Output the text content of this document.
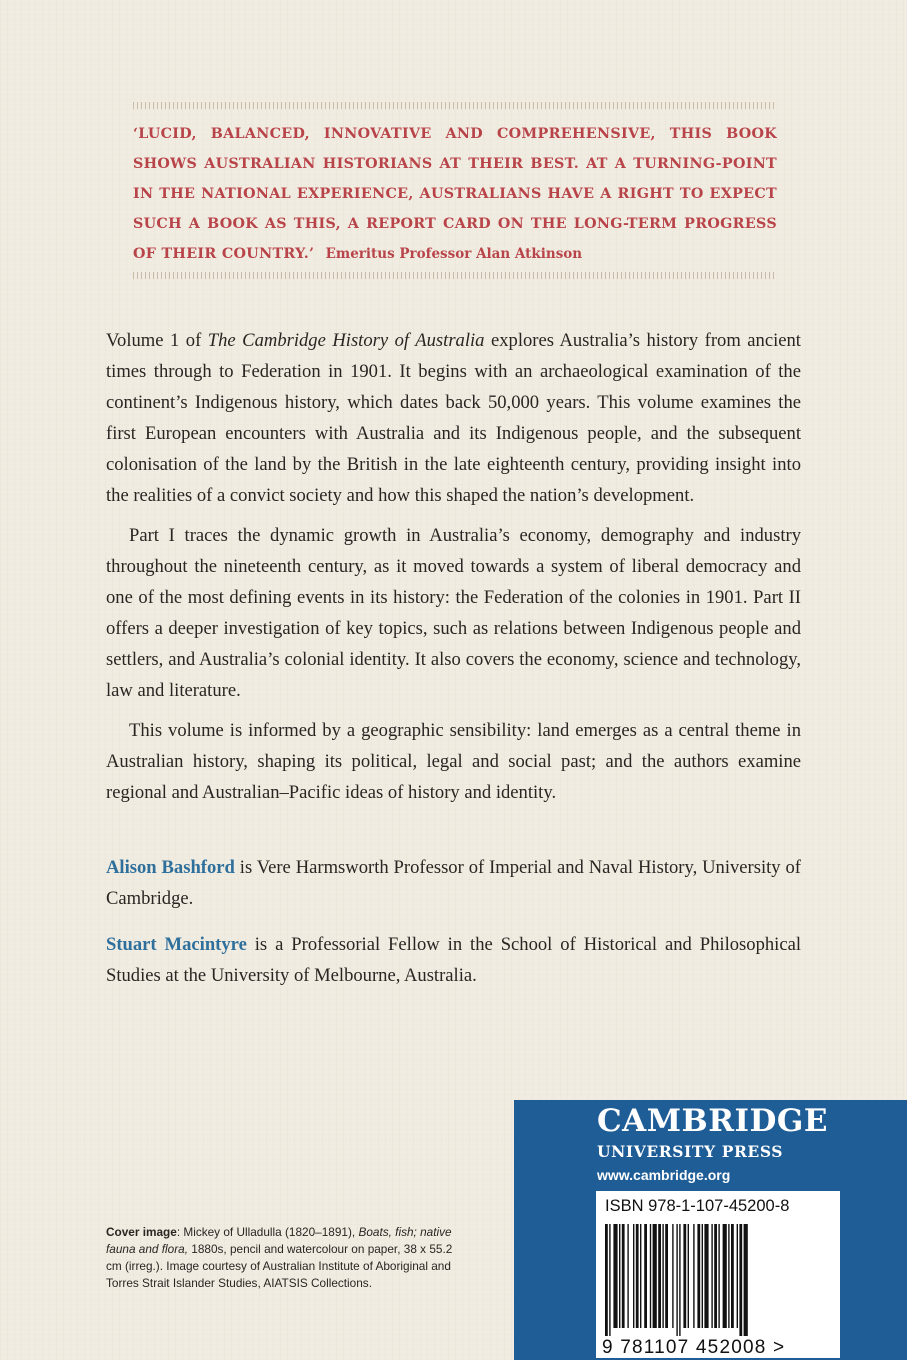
‘LUCID, BALANCED, INNOVATIVE AND COMPREHENSIVE, THIS BOOK SHOWS AUSTRALIAN HISTORIANS AT THEIR BEST. AT A TURNING-POINT IN THE NATIONAL EXPERIENCE, AUSTRALIANS HAVE A RIGHT TO EXPECT SUCH A BOOK AS THIS, A REPORT CARD ON THE LONG-TERM PROGRESS OF THEIR COUNTRY.’ Emeritus Professor Alan Atkinson

Volume 1 of The Cambridge History of Australia explores Australia’s history from ancient times through to Federation in 1901. It begins with an archaeological examination of the continent’s Indigenous history, which dates back 50,000 years. This volume examines the first European encounters with Australia and its Indigenous people, and the subsequent colonisation of the land by the British in the late eighteenth century, providing insight into the realities of a convict society and how this shaped the nation’s development.

Part I traces the dynamic growth in Australia’s economy, demography and industry throughout the nineteenth century, as it moved towards a system of liberal democracy and one of the most defining events in its history: the Federation of the colonies in 1901. Part II offers a deeper investigation of key topics, such as relations between Indigenous people and settlers, and Australia’s colonial identity. It also covers the economy, science and technology, law and literature.

This volume is informed by a geographic sensibility: land emerges as a central theme in Australian history, shaping its political, legal and social past; and the authors examine regional and Australian–Pacific ideas of history and identity.

Alison Bashford is Vere Harmsworth Professor of Imperial and Naval History, University of Cambridge.

Stuart Macintyre is a Professorial Fellow in the School of Historical and Philosophical Studies at the University of Melbourne, Australia.

Cover image: Mickey of Ulladulla (1820–1891), Boats, fish; native fauna and flora, 1880s, pencil and watercolour on paper, 38 x 55.2 cm (irreg.). Image courtesy of Australian Institute of Aboriginal and Torres Strait Islander Studies, AIATSIS Collections.
CAMBRIDGE
UNIVERSITY PRESS
www.cambridge.org
ISBN 978-1-107-45200-8
9 781107 452008 >
